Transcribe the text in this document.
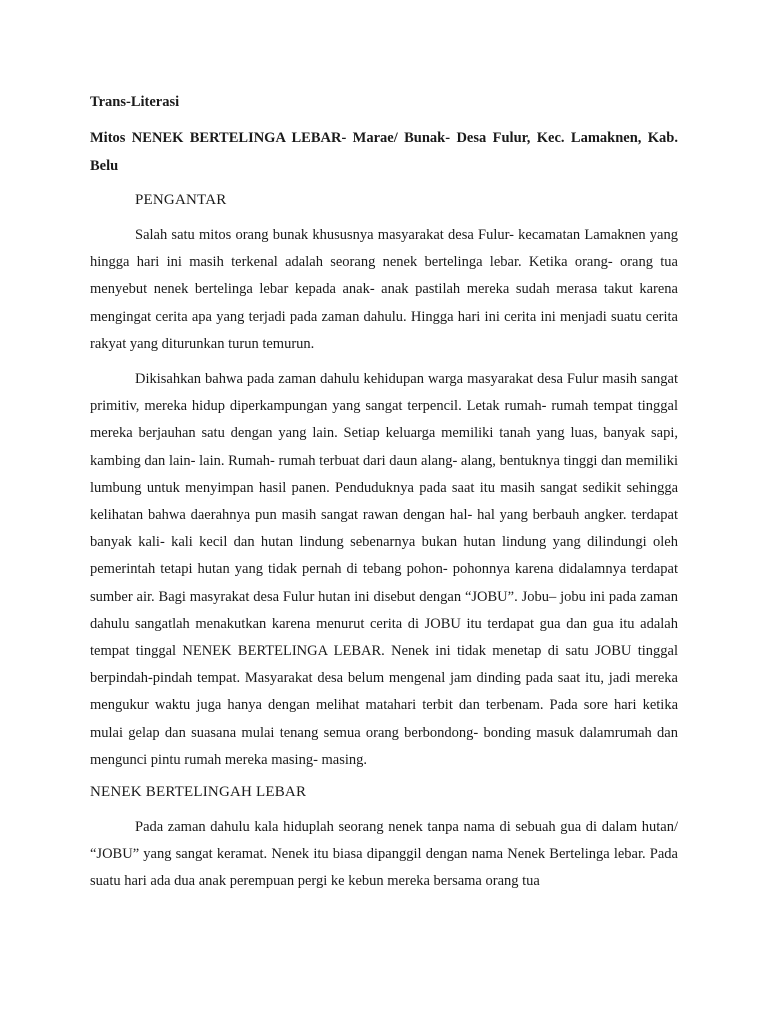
Trans-Literasi

Mitos NENEK BERTELINGA LEBAR- Marae/ Bunak- Desa Fulur, Kec. Lamaknen, Kab. Belu

PENGANTAR

Salah satu mitos orang bunak khususnya masyarakat desa Fulur- kecamatan Lamaknen yang hingga hari ini masih terkenal adalah seorang nenek bertelinga lebar. Ketika orang- orang tua menyebut nenek bertelinga lebar kepada anak- anak pastilah mereka sudah merasa takut karena mengingat cerita apa yang terjadi pada zaman dahulu. Hingga hari ini cerita ini menjadi suatu cerita rakyat yang diturunkan turun temurun.

Dikisahkan bahwa pada zaman dahulu kehidupan warga masyarakat desa Fulur masih sangat primitiv, mereka hidup diperkampungan yang sangat terpencil. Letak rumah- rumah tempat tinggal mereka berjauhan satu dengan yang lain. Setiap keluarga memiliki tanah yang luas, banyak sapi, kambing dan lain- lain. Rumah- rumah terbuat dari daun alang- alang, bentuknya tinggi dan memiliki lumbung untuk menyimpan hasil panen. Penduduknya pada saat itu masih sangat sedikit sehingga kelihatan bahwa daerahnya pun masih sangat rawan dengan hal- hal yang berbauh angker. terdapat banyak kali- kali kecil dan hutan lindung sebenarnya bukan hutan lindung yang dilindungi oleh pemerintah tetapi hutan yang tidak pernah di tebang pohon- pohonnya karena didalamnya terdapat sumber air. Bagi masyrakat desa Fulur hutan ini disebut dengan “JOBU”. Jobu– jobu ini pada zaman dahulu sangatlah menakutkan karena menurut cerita di JOBU itu terdapat gua dan gua itu adalah tempat tinggal NENEK BERTELINGA LEBAR. Nenek ini tidak menetap di satu JOBU tinggal berpindah-pindah tempat. Masyarakat desa belum mengenal jam dinding pada saat itu, jadi mereka mengukur waktu juga hanya dengan melihat matahari terbit dan terbenam. Pada sore hari ketika mulai gelap dan suasana mulai tenang semua orang berbondong- bonding masuk dalamrumah dan mengunci pintu rumah mereka masing- masing.

NENEK BERTELINGAH LEBAR

Pada zaman dahulu kala hiduplah seorang nenek tanpa nama di sebuah gua di dalam hutan/ “JOBU” yang sangat keramat. Nenek itu biasa dipanggil dengan nama Nenek Bertelinga lebar. Pada suatu hari ada dua anak perempuan pergi ke kebun mereka bersama orang tua
